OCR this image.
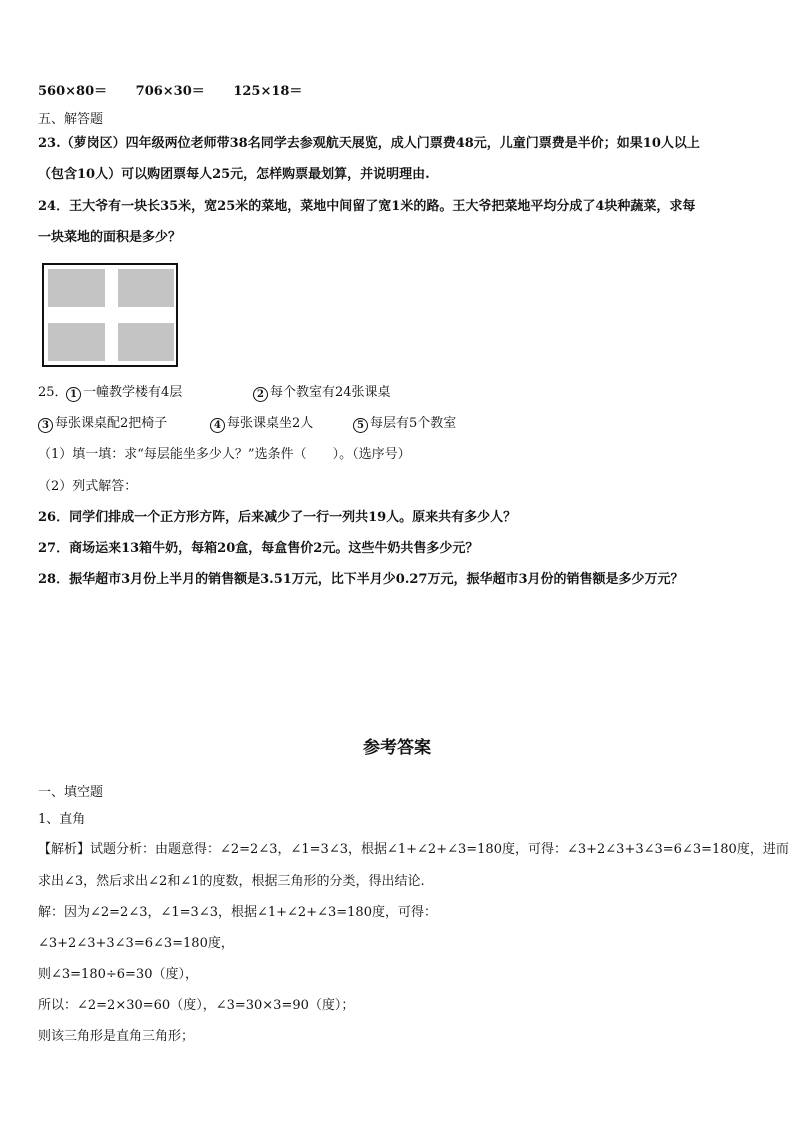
560×80＝ 706×30＝ 125×18＝
五、解答题
23.（萝岗区）四年级两位老师带38名同学去参观航天展览，成人门票费48元，儿童门票费是半价；如果10人以上
（包含10人）可以购团票每人25元，怎样购票最划算，并说明理由.
24．王大爷有一块长35米，宽25米的菜地，菜地中间留了宽1米的路。王大爷把菜地平均分成了4块种蔬菜，求每
一块菜地的面积是多少？
25． 1 一幢教学楼有4层	2 每个教室有24张课桌
3 每张课桌配2把椅子	4 每张课桌坐2人	5 每层有5个教室
（1）填一填：求“每层能坐多少人？”选条件（　　）。（选序号）
（2）列式解答：
26．同学们排成一个正方形方阵，后来减少了一行一列共19人。原来共有多少人？
27．商场运来13箱牛奶，每箱20盒，每盒售价2元。这些牛奶共售多少元？
28．振华超市3月份上半月的销售额是3.51万元，比下半月少0.27万元，振华超市3月份的销售额是多少万元？
参考答案
一、填空题
1、直角
【解析】试题分析：由题意得：∠2=2∠3，∠1=3∠3，根据∠1+∠2+∠3=180度，可得：∠3+2∠3+3∠3=6∠3=180度，进而
求出∠3，然后求出∠2和∠1的度数，根据三角形的分类，得出结论.
解：因为∠2=2∠3，∠1=3∠3，根据∠1+∠2+∠3=180度，可得：
∠3+2∠3+3∠3=6∠3=180度，
则∠3=180÷6=30（度），
所以：∠2=2×30=60（度），∠3=30×3=90（度）；
则该三角形是直角三角形；
